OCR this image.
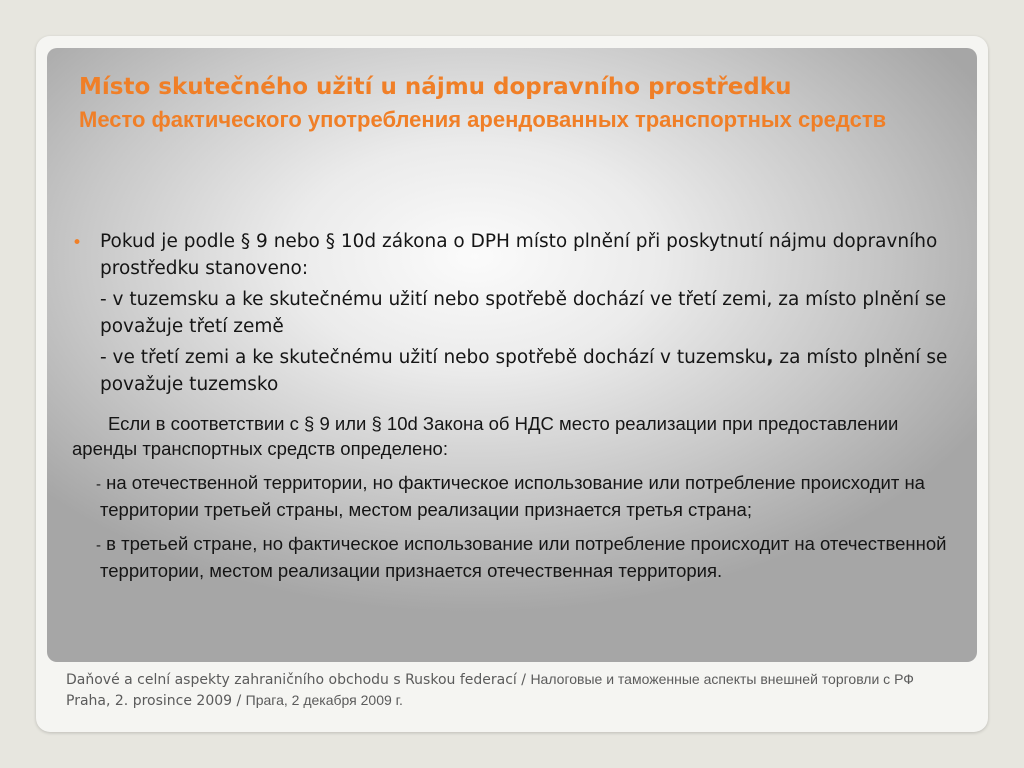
Místo skutečného užití u nájmu dopravního prostředku
Место фактического употребления арендованных транспортных средств
• Pokud je podle § 9 nebo § 10d zákona o DPH místo plnění při poskytnutí nájmu dopravního prostředku stanoveno:
- v tuzemsku a ke skutečnému užití nebo spotřebě dochází ve třetí zemi, za místo plnění se považuje třetí země
- ve třetí zemi a ke skutečnému užití nebo spotřebě dochází v tuzemsku, za místo plnění se považuje tuzemsko
Если в соответствии с § 9 или § 10d Закона об НДС место реализации при предоставлении аренды транспортных средств определено:
- на отечественной территории, но фактическое использование или потребление происходит на территории третьей страны, местом реализации признается третья страна;
- в третьей стране, но фактическое использование или потребление происходит на отечественной территории, местом реализации признается отечественная территория.
Daňové a celní aspekty zahraničního obchodu s Ruskou federací / Налоговые и таможенные аспекты внешней торговли с РФ
Praha, 2. prosince 2009 / Прага, 2 декабря 2009 г.
